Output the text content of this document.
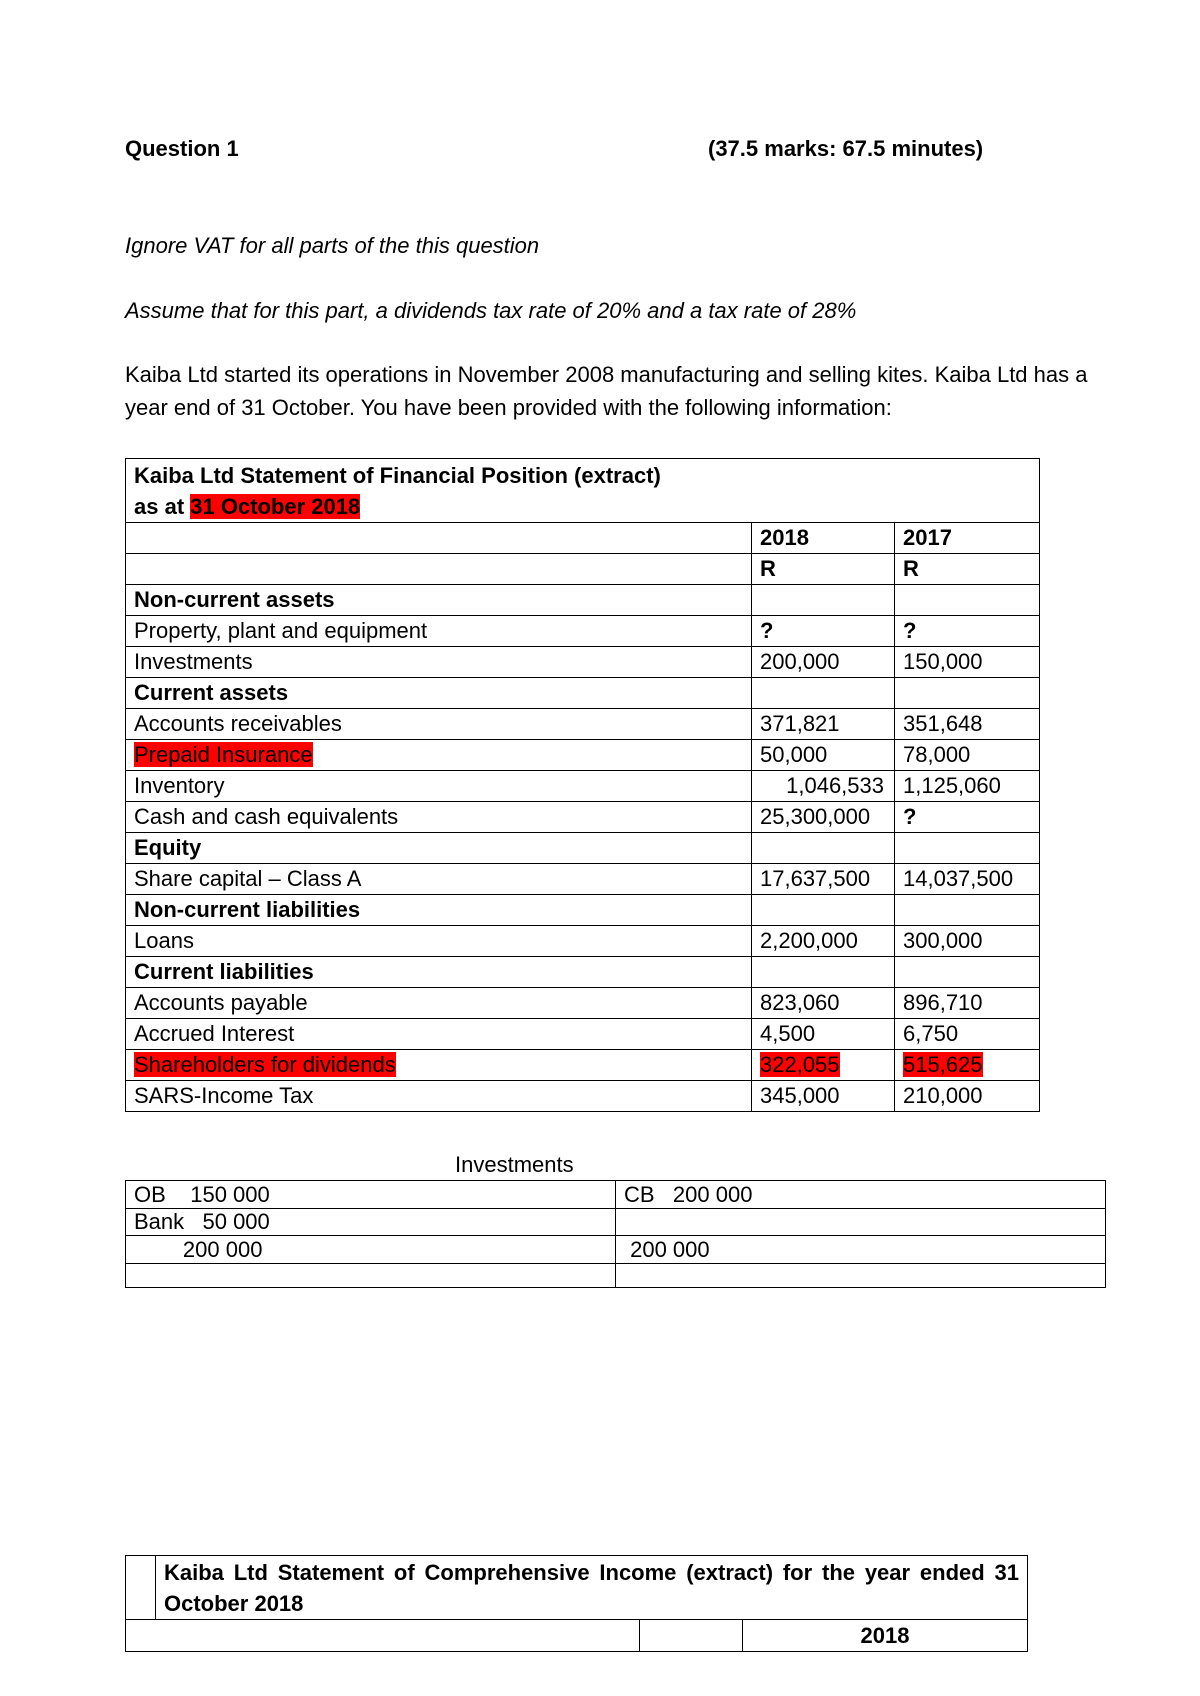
Question 1	(37.5 marks: 67.5 minutes)
Ignore VAT for all parts of the this question
Assume that for this part, a dividends tax rate of 20% and a tax rate of 28%
Kaiba Ltd started its operations in November 2008 manufacturing and selling kites. Kaiba Ltd has a year end of 31 October. You have been provided with the following information:
Kaiba Ltd Statement of Financial Position (extract)
as at 31 October 2018		
	2018	2017
	R	R
Non-current assets		
Property, plant and equipment	?	?
Investments	200,000	150,000
Current assets		
Accounts receivables	371,821	351,648
Prepaid Insurance	50,000	78,000
Inventory	1,046,533	1,125,060
Cash and cash equivalents	25,300,000	?
Equity		
Share capital – Class A	17,637,500	14,037,500
Non-current liabilities		
Loans	2,200,000	300,000
Current liabilities		
Accounts payable	823,060	896,710
Accrued Interest	4,500	6,750
Shareholders for dividends	322,055	515,625
SARS-Income Tax	345,000	210,000
Investments
OB    150 000	CB   200 000
Bank   50 000	
200 000	200 000

	Kaiba Ltd Statement of Comprehensive Income (extract) for the year ended 31 October 2018		
			2018
